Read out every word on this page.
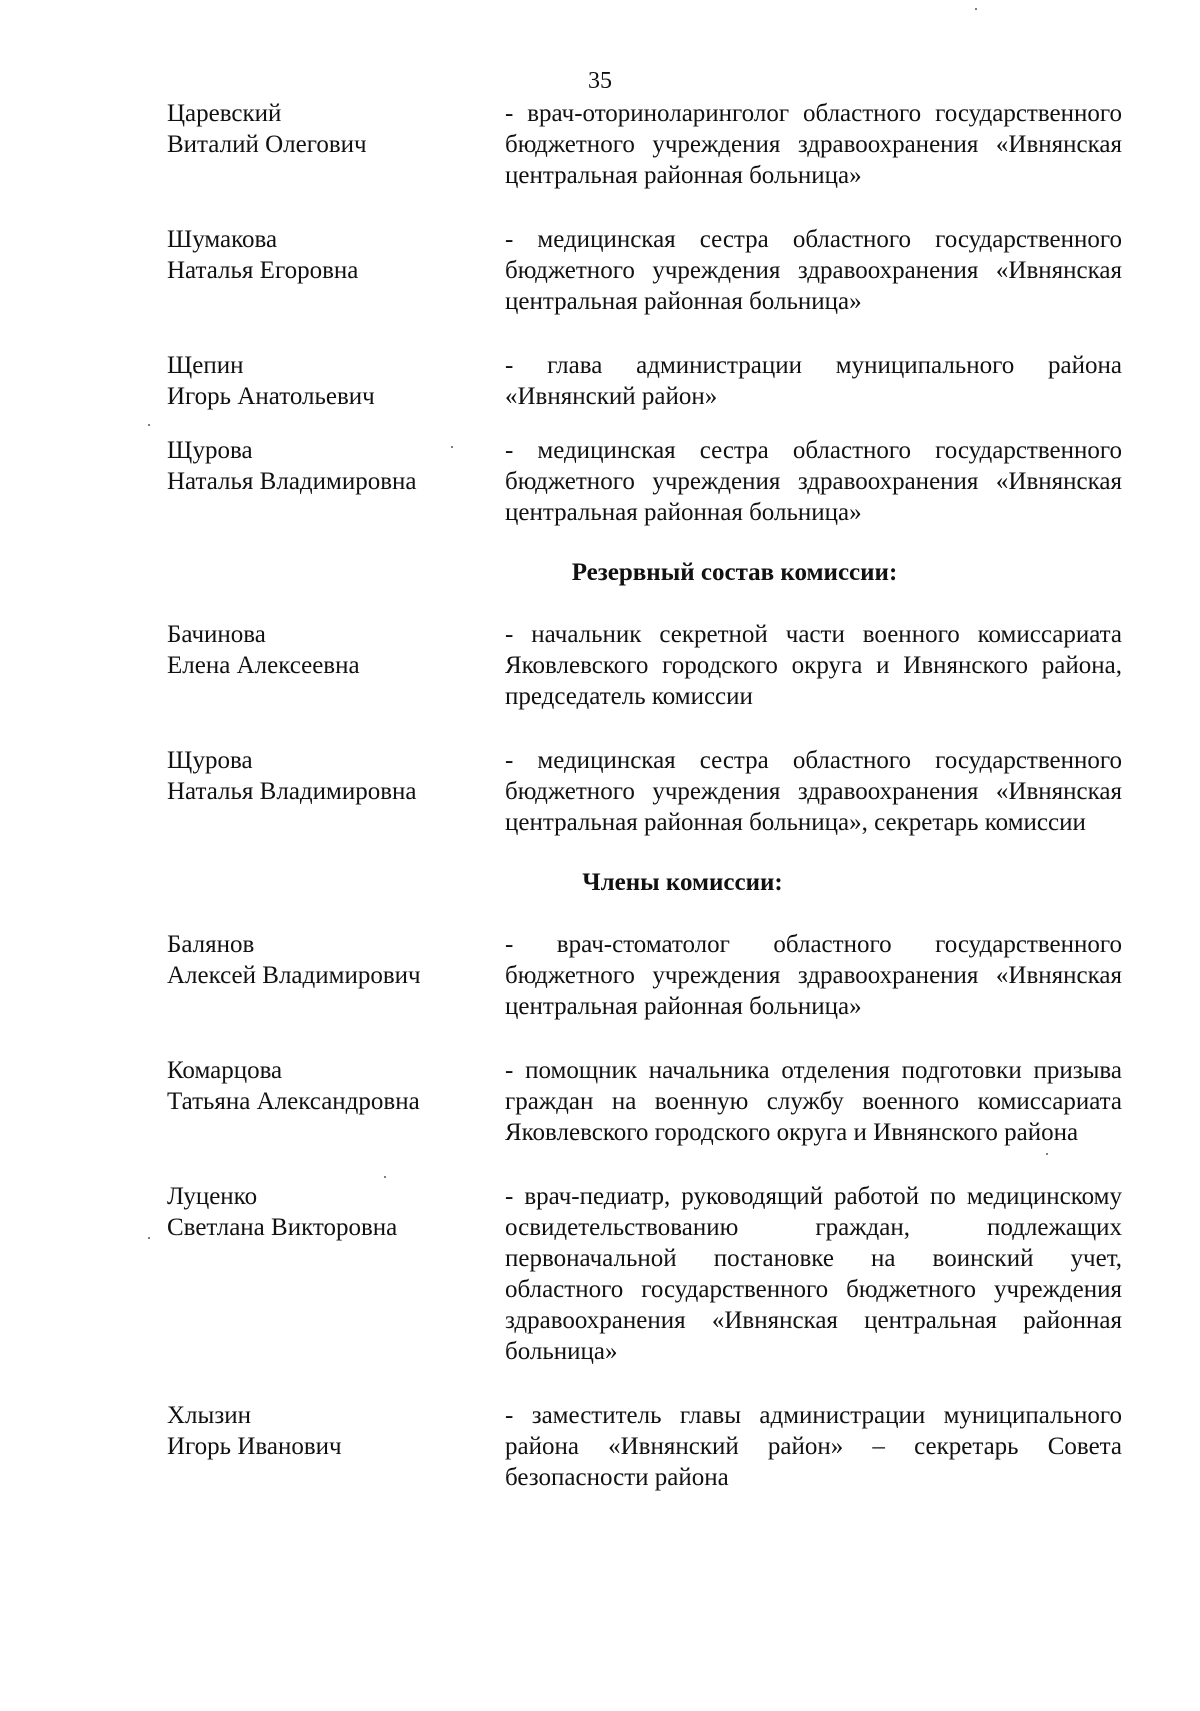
35
Царевский
Виталий Олегович
- врач-оториноларинголог областного государственного бюджетного учреждения здравоохранения «Ивнянская центральная районная больница»
Шумакова
Наталья Егоровна
- медицинская сестра областного государственного бюджетного учреждения здравоохранения «Ивнянская центральная районная больница»
Щепин
Игорь Анатольевич
- глава администрации муниципального района «Ивнянский район»
Щурова
Наталья Владимировна
- медицинская сестра областного государственного бюджетного учреждения здравоохранения «Ивнянская центральная районная больница»
Резервный состав комиссии:
Бачинова
Елена Алексеевна
- начальник секретной части военного комиссариата Яковлевского городского округа и Ивнянского района, председатель комиссии
Щурова
Наталья Владимировна
- медицинская сестра областного государственного бюджетного учреждения здравоохранения «Ивнянская центральная районная больница», секретарь комиссии
Члены комиссии:
Балянов
Алексей Владимирович
- врач-стоматолог областного государственного бюджетного учреждения здравоохранения «Ивнянская центральная районная больница»
Комарцова
Татьяна Александровна
- помощник начальника отделения подготовки призыва граждан на военную службу военного комиссариата Яковлевского городского округа и Ивнянского района
Луценко
Светлана Викторовна
- врач-педиатр, руководящий работой по медицинскому освидетельствованию граждан, подлежащих первоначальной постановке на воинский учет, областного государственного бюджетного учреждения здравоохранения «Ивнянская центральная районная больница»
Хлызин
Игорь Иванович
- заместитель главы администрации муниципального района «Ивнянский район» – секретарь Совета безопасности района
